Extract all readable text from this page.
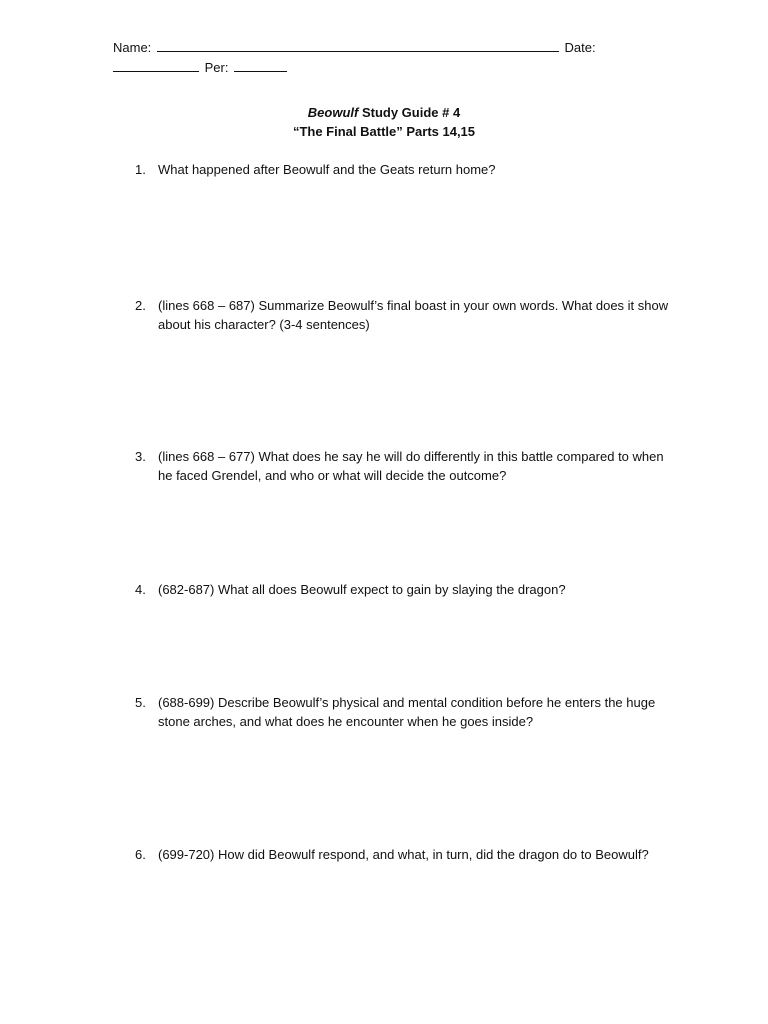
Name:	Date:
Per:
Beowulf Study Guide # 4
“The Final Battle” Parts 14,15
1. What happened after Beowulf and the Geats return home?
2. (lines 668 – 687) Summarize Beowulf’s final boast in your own words. What does it show about his character? (3-4 sentences)
3. (lines 668 – 677) What does he say he will do differently in this battle compared to when he faced Grendel, and who or what will decide the outcome?
4. (682-687) What all does Beowulf expect to gain by slaying the dragon?
5. (688-699) Describe Beowulf’s physical and mental condition before he enters the huge stone arches, and what does he encounter when he goes inside?
6. (699-720) How did Beowulf respond, and what, in turn, did the dragon do to Beowulf?
